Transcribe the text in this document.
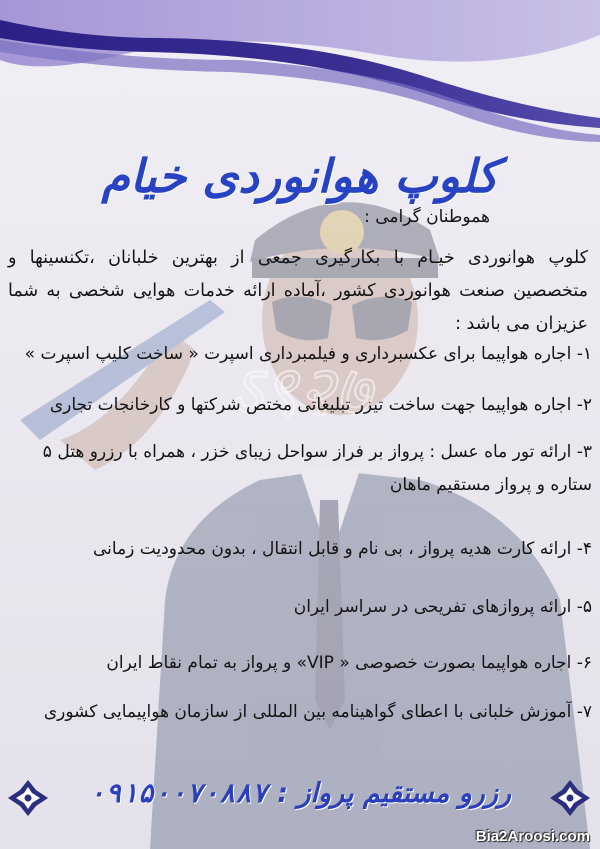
ऽ९२७
کلوپ هوانوردی خیام
هموطنان گرامی :
کلوپ هوانوردی خیـام با بکارگیری جمعی از بهترین خلبانان ،تکنسینها و متخصصین صنعت هوانوردی کشور ،آماده ارائه خدمات هوایی شخصی به شما عزیزان می باشد :
۱- اجاره هواپیما برای عکسبرداری و فیلمبرداری اسپرت « ساخت کلیپ اسپرت »
۲- اجاره هواپیما جهت ساخت تیزر تبلیغاتی مختص شرکتها و کارخانجات تجاری
۳- ارائه تور ماه عسل : پرواز بر فراز سواحل زیبای خزر ، همراه با رزرو هتل ۵ ستاره و پرواز مستقیم ماهان
۴- ارائه کارت هدیه پرواز ، بی نام و قابل انتقال ، بدون محدودیت زمانی
۵- ارائه پروازهای تفریحی در سراسر ایران
۶- اجاره هواپیما بصورت خصوصی « VIP» و پرواز به تمام نقاط ایران
۷- آموزش خلبانی با اعطای گواهینامه بین المللی از سازمان هواپیمایی کشوری
رزرو مستقیم پرواز : ۰۹۱۵۰۰۷۰۸۸۷
Bia2Aroosi.com
